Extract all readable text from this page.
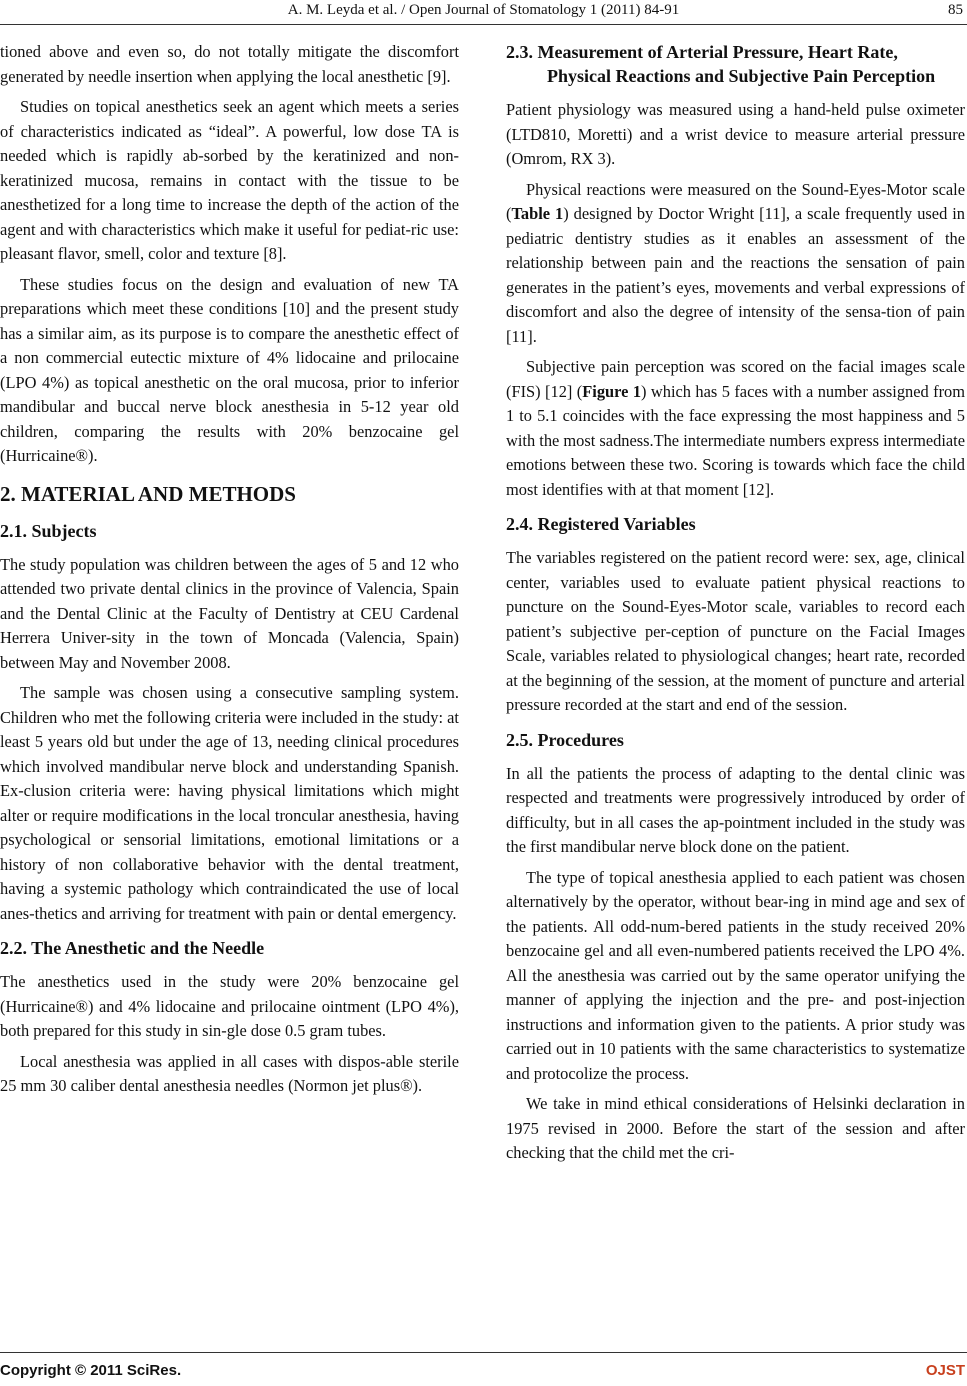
A. M. Leyda et al. / Open Journal of Stomatology 1 (2011) 84-91	85

tioned above and even so, do not totally mitigate the discomfort generated by needle insertion when applying the local anesthetic [9].

Studies on topical anesthetics seek an agent which meets a series of characteristics indicated as “ideal”. A powerful, low dose TA is needed which is rapidly ab-sorbed by the keratinized and non-keratinized mucosa, remains in contact with the tissue to be anesthetized for a long time to increase the depth of the action of the agent and with characteristics which make it useful for pediat-ric use: pleasant flavor, smell, color and texture [8].

These studies focus on the design and evaluation of new TA preparations which meet these conditions [10] and the present study has a similar aim, as its purpose is to compare the anesthetic effect of a non commercial eutectic mixture of 4% lidocaine and prilocaine (LPO 4%) as topical anesthetic on the oral mucosa, prior to inferior mandibular and buccal nerve block anesthesia in 5-12 year old children, comparing the results with 20% benzocaine gel (Hurricaine®).

2. MATERIAL AND METHODS
2.1. Subjects

The study population was children between the ages of 5 and 12 who attended two private dental clinics in the province of Valencia, Spain and the Dental Clinic at the Faculty of Dentistry at CEU Cardenal Herrera Univer-sity in the town of Moncada (Valencia, Spain) between May and November 2008.

The sample was chosen using a consecutive sampling system. Children who met the following criteria were included in the study: at least 5 years old but under the age of 13, needing clinical procedures which involved mandibular nerve block and understanding Spanish. Ex-clusion criteria were: having physical limitations which might alter or require modifications in the local troncular anesthesia, having psychological or sensorial limitations, emotional limitations or a history of non collaborative behavior with the dental treatment, having a systemic pathology which contraindicated the use of local anes-thetics and arriving for treatment with pain or dental emergency.

2.2. The Anesthetic and the Needle

The anesthetics used in the study were 20% benzocaine gel (Hurricaine®) and 4% lidocaine and prilocaine ointment (LPO 4%), both prepared for this study in sin-gle dose 0.5 gram tubes.

Local anesthesia was applied in all cases with dispos-able sterile 25 mm 30 caliber dental anesthesia needles (Normon jet plus®).

2.3. Measurement of Arterial Pressure, Heart Rate, Physical Reactions and Subjective Pain Perception

Patient physiology was measured using a hand-held pulse oximeter (LTD810, Moretti) and a wrist device to measure arterial pressure (Omrom, RX 3).

Physical reactions were measured on the Sound-Eyes-Motor scale (Table 1) designed by Doctor Wright [11], a scale frequently used in pediatric dentistry studies as it enables an assessment of the relationship between pain and the reactions the sensation of pain generates in the patient’s eyes, movements and verbal expressions of discomfort and also the degree of intensity of the sensa-tion of pain [11].

Subjective pain perception was scored on the facial images scale (FIS) [12] (Figure 1) which has 5 faces with a number assigned from 1 to 5.1 coincides with the face expressing the most happiness and 5 with the most sadness.The intermediate numbers express intermediate emotions between these two. Scoring is towards which face the child most identifies with at that moment [12].

2.4. Registered Variables

The variables registered on the patient record were: sex, age, clinical center, variables used to evaluate patient physical reactions to puncture on the Sound-Eyes-Motor scale, variables to record each patient’s subjective per-ception of puncture on the Facial Images Scale, variables related to physiological changes; heart rate, recorded at the beginning of the session, at the moment of puncture and arterial pressure recorded at the start and end of the session.

2.5. Procedures

In all the patients the process of adapting to the dental clinic was respected and treatments were progressively introduced by order of difficulty, but in all cases the ap-pointment included in the study was the first mandibular nerve block done on the patient.

The type of topical anesthesia applied to each patient was chosen alternatively by the operator, without bear-ing in mind age and sex of the patients. All odd-num-bered patients in the study received 20% benzocaine gel and all even-numbered patients received the LPO 4%. All the anesthesia was carried out by the same operator unifying the manner of applying the injection and the pre- and post-injection instructions and information given to the patients. A prior study was carried out in 10 patients with the same characteristics to systematize and protocolize the process.

We take in mind ethical considerations of Helsinki declaration in 1975 revised in 2000. Before the start of the session and after checking that the child met the cri-

Copyright © 2011 SciRes.	OJST
